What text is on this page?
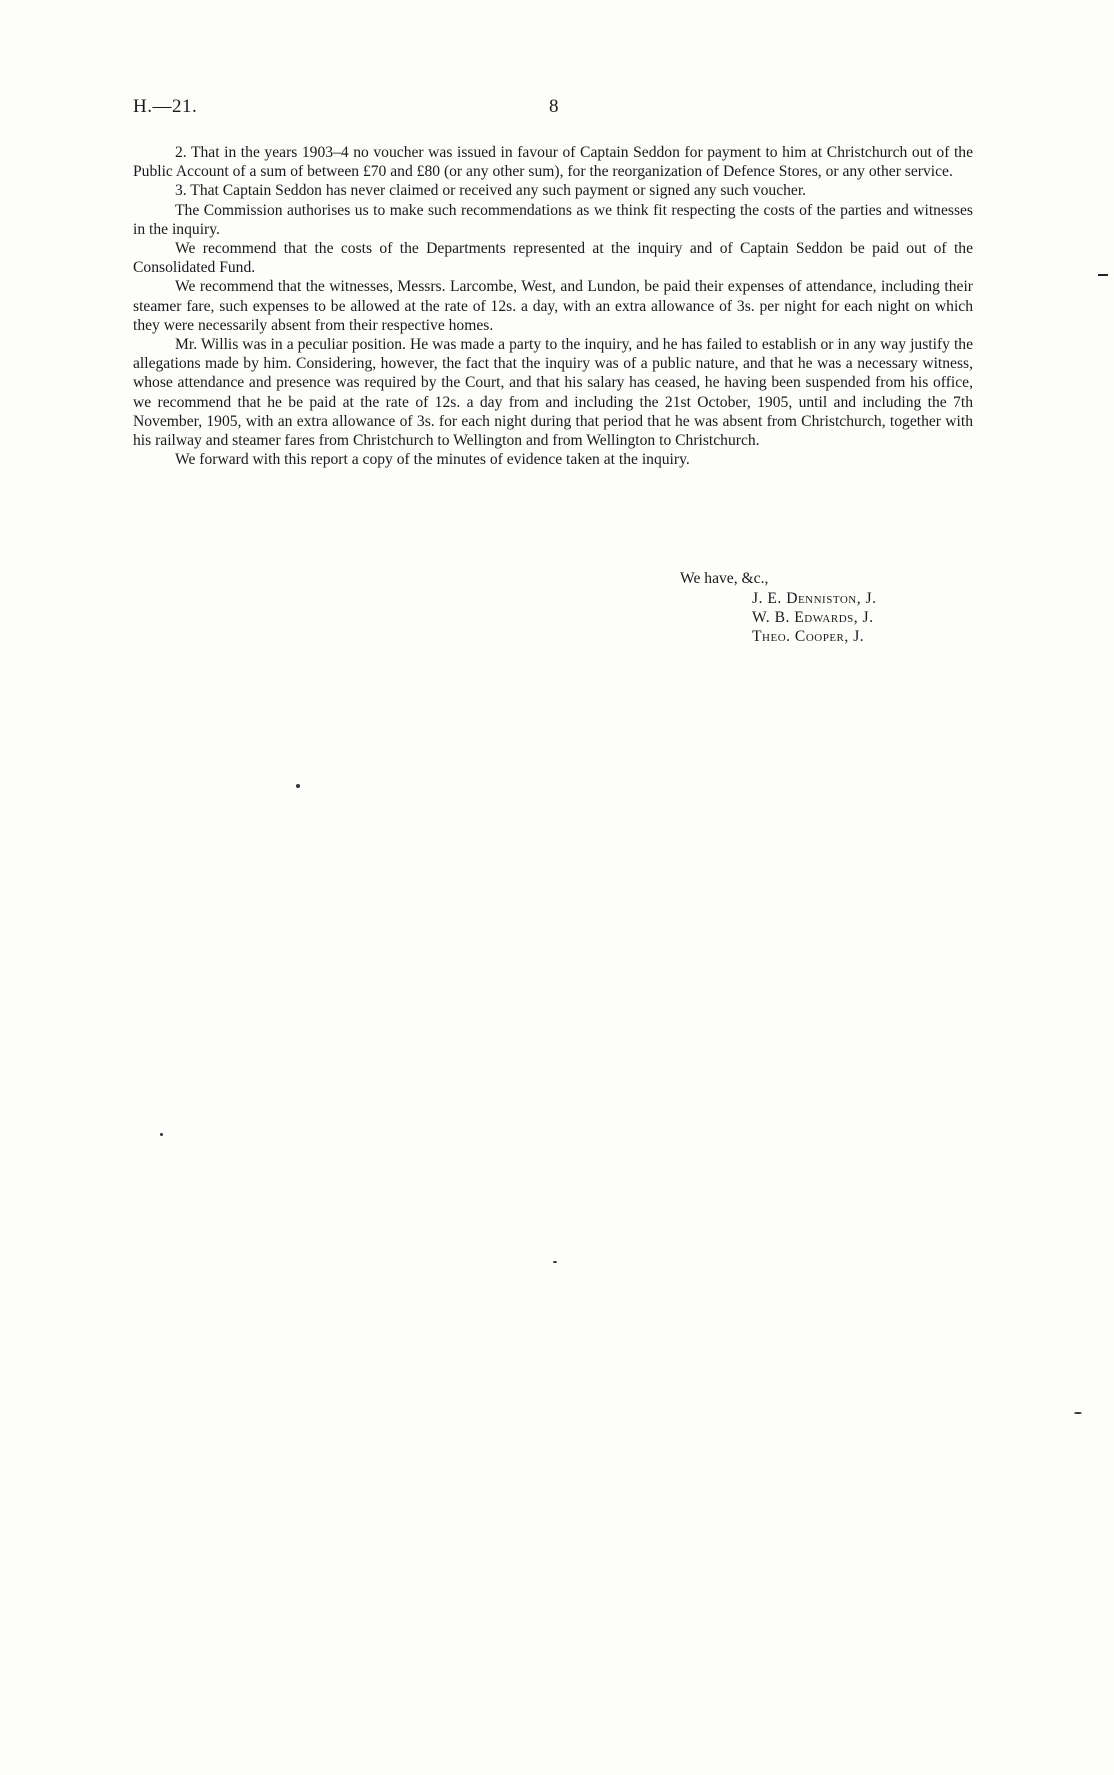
H.—21.	8

2. That in the years 1903–4 no voucher was issued in favour of Captain Seddon for payment to him at Christchurch out of the Public Account of a sum of between £70 and £80 (or any other sum), for the reorganization of Defence Stores, or any other service.

3. That Captain Seddon has never claimed or received any such payment or signed any such voucher.

The Commission authorises us to make such recommendations as we think fit respecting the costs of the parties and witnesses in the inquiry.

We recommend that the costs of the Departments represented at the inquiry and of Captain Seddon be paid out of the Consolidated Fund.

We recommend that the witnesses, Messrs. Larcombe, West, and Lundon, be paid their expenses of attendance, including their steamer fare, such expenses to be allowed at the rate of 12s. a day, with an extra allowance of 3s. per night for each night on which they were necessarily absent from their respective homes.

Mr. Willis was in a peculiar position. He was made a party to the inquiry, and he has failed to establish or in any way justify the allegations made by him. Considering, however, the fact that the inquiry was of a public nature, and that he was a necessary witness, whose attendance and presence was required by the Court, and that his salary has ceased, he having been suspended from his office, we recommend that he be paid at the rate of 12s. a day from and including the 21st October, 1905, until and including the 7th November, 1905, with an extra allowance of 3s. for each night during that period that he was absent from Christchurch, together with his railway and steamer fares from Christchurch to Wellington and from Wellington to Christchurch.

We forward with this report a copy of the minutes of evidence taken at the inquiry.

We have, &c.,
J. E. Denniston, J.
W. B. Edwards, J.
Theo. Cooper, J.
